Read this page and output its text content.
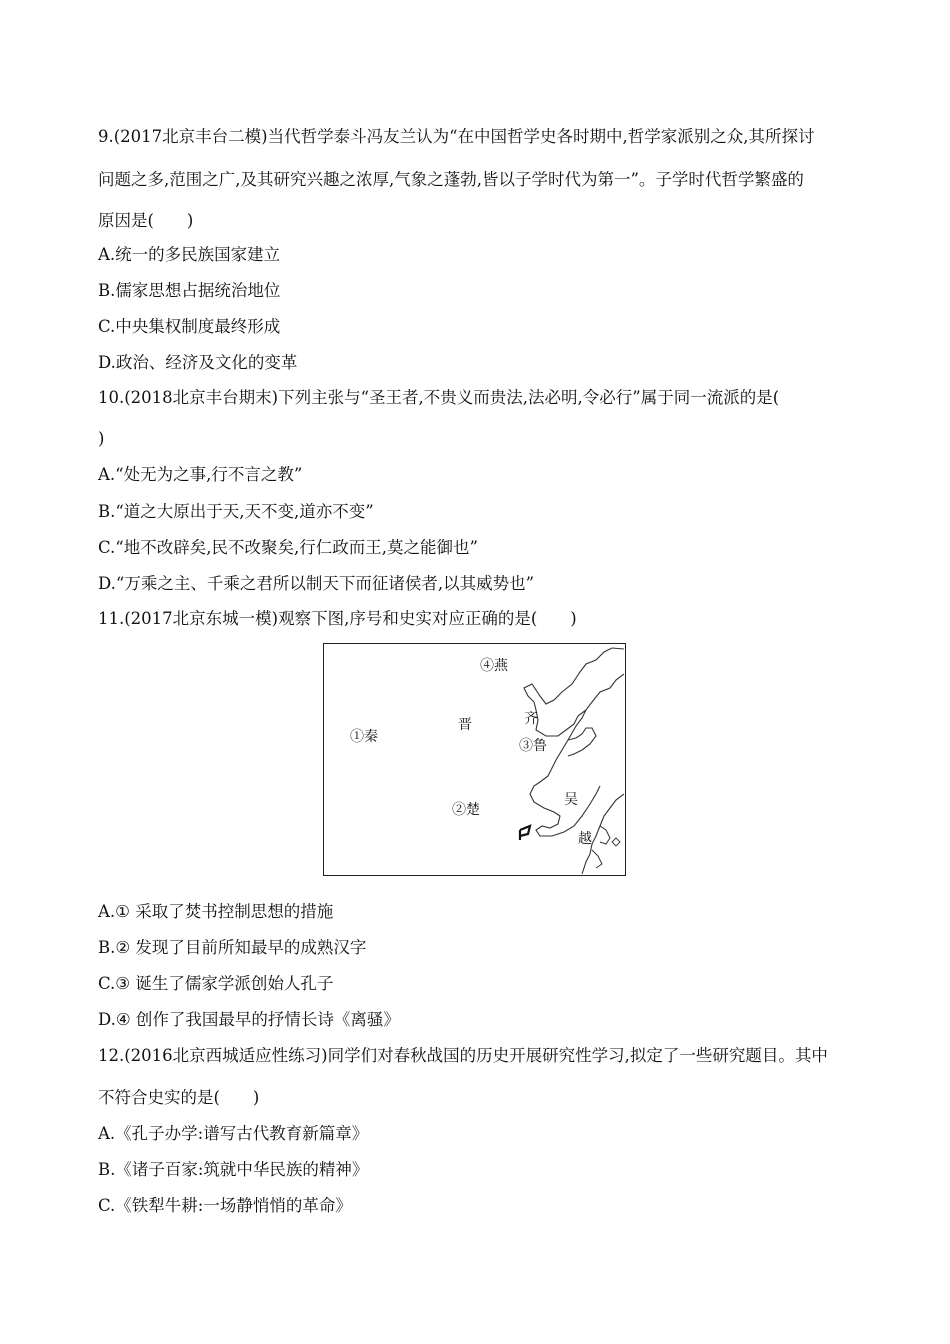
9.(2017北京丰台二模)当代哲学泰斗冯友兰认为“在中国哲学史各时期中,哲学家派别之众,其所探讨
问题之多,范围之广,及其研究兴趣之浓厚,气象之蓬勃,皆以子学时代为第一”。子学时代哲学繁盛的
原因是(　　)
A.统一的多民族国家建立
B.儒家思想占据统治地位
C.中央集权制度最终形成
D.政治、经济及文化的变革
10.(2018北京丰台期末)下列主张与“圣王者,不贵义而贵法,法必明,令必行”属于同一流派的是(
)
A.“处无为之事,行不言之教”
B.“道之大原出于天,天不变,道亦不变”
C.“地不改辟矣,民不改聚矣,行仁政而王,莫之能御也”
D.“万乘之主、千乘之君所以制天下而征诸侯者,以其威势也”
11.(2017北京东城一模)观察下图,序号和史实对应正确的是(　　)
④燕
晋	齐
①秦
③鲁
②楚
吴
越
A.① 采取了焚书控制思想的措施
B.② 发现了目前所知最早的成熟汉字
C.③ 诞生了儒家学派创始人孔子
D.④ 创作了我国最早的抒情长诗《离骚》
12.(2016北京西城适应性练习)同学们对春秋战国的历史开展研究性学习,拟定了一些研究题目。其中
不符合史实的是(　　)
A.《孔子办学:谱写古代教育新篇章》
B.《诸子百家:筑就中华民族的精神》
C.《铁犁牛耕:一场静悄悄的革命》
